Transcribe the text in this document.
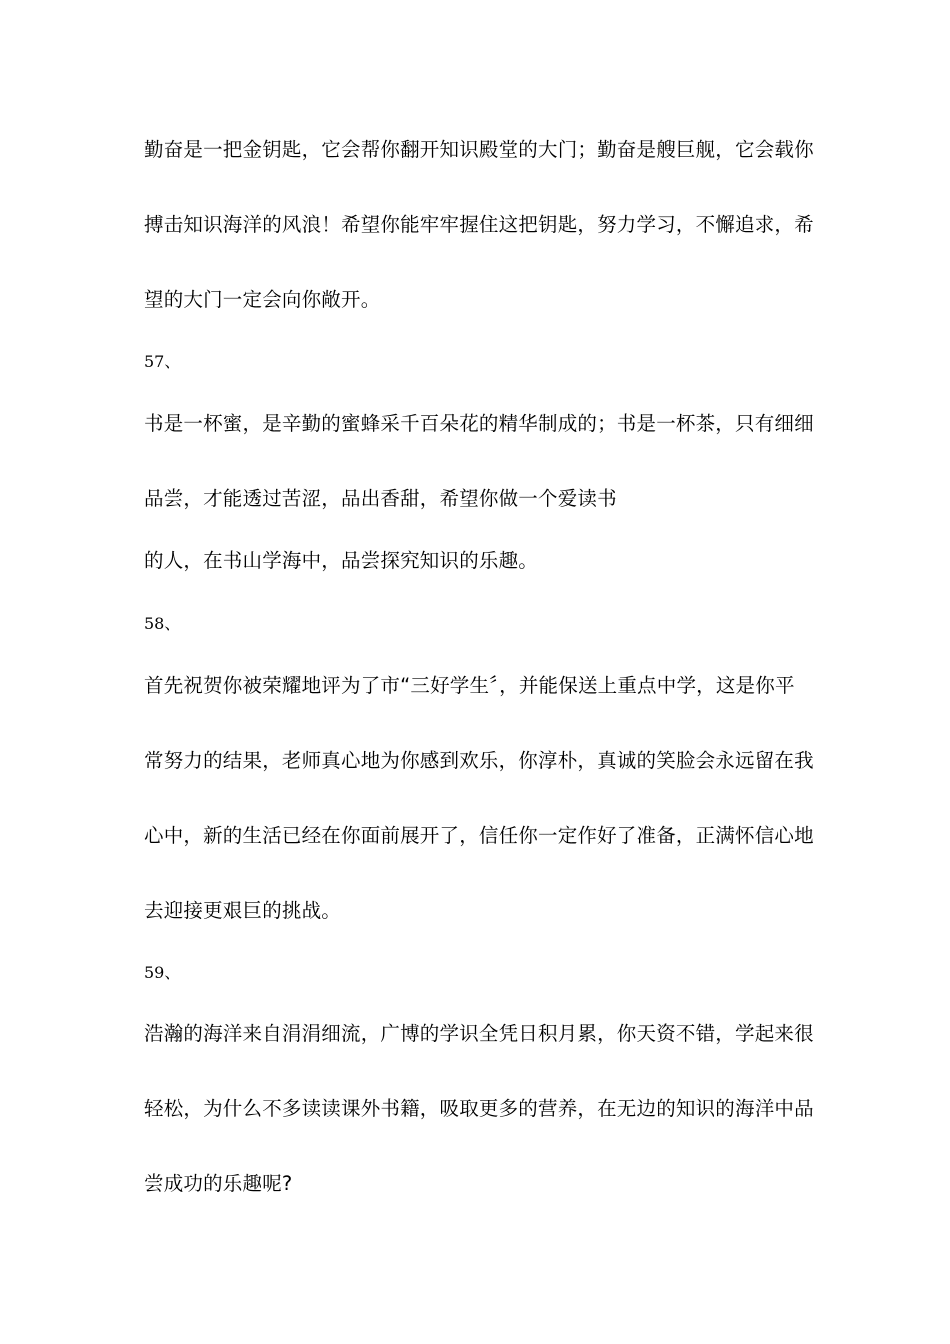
勤奋是一把金钥匙，它会帮你翻开知识殿堂的大门；勤奋是艘巨舰，它会载你
搏击知识海洋的风浪！希望你能牢牢握住这把钥匙，努力学习，不懈追求，希
望的大门一定会向你敞开。
57、
书是一杯蜜，是辛勤的蜜蜂采千百朵花的精华制成的；书是一杯茶，只有细细
品尝，才能透过苦涩，品出香甜，希望你做一个爱读书
的人，在书山学海中，品尝探究知识的乐趣。
58、
首先祝贺你被荣耀地评为了市“三好学生〞，并能保送上重点中学，这是你平
常努力的结果，老师真心地为你感到欢乐，你淳朴，真诚的笑脸会永远留在我
心中，新的生活已经在你面前展开了，信任你一定作好了准备，正满怀信心地
去迎接更艰巨的挑战。
59、
浩瀚的海洋来自涓涓细流，广博的学识全凭日积月累，你天资不错，学起来很
轻松，为什么不多读读课外书籍，吸取更多的营养，在无边的知识的海洋中品
尝成功的乐趣呢?
